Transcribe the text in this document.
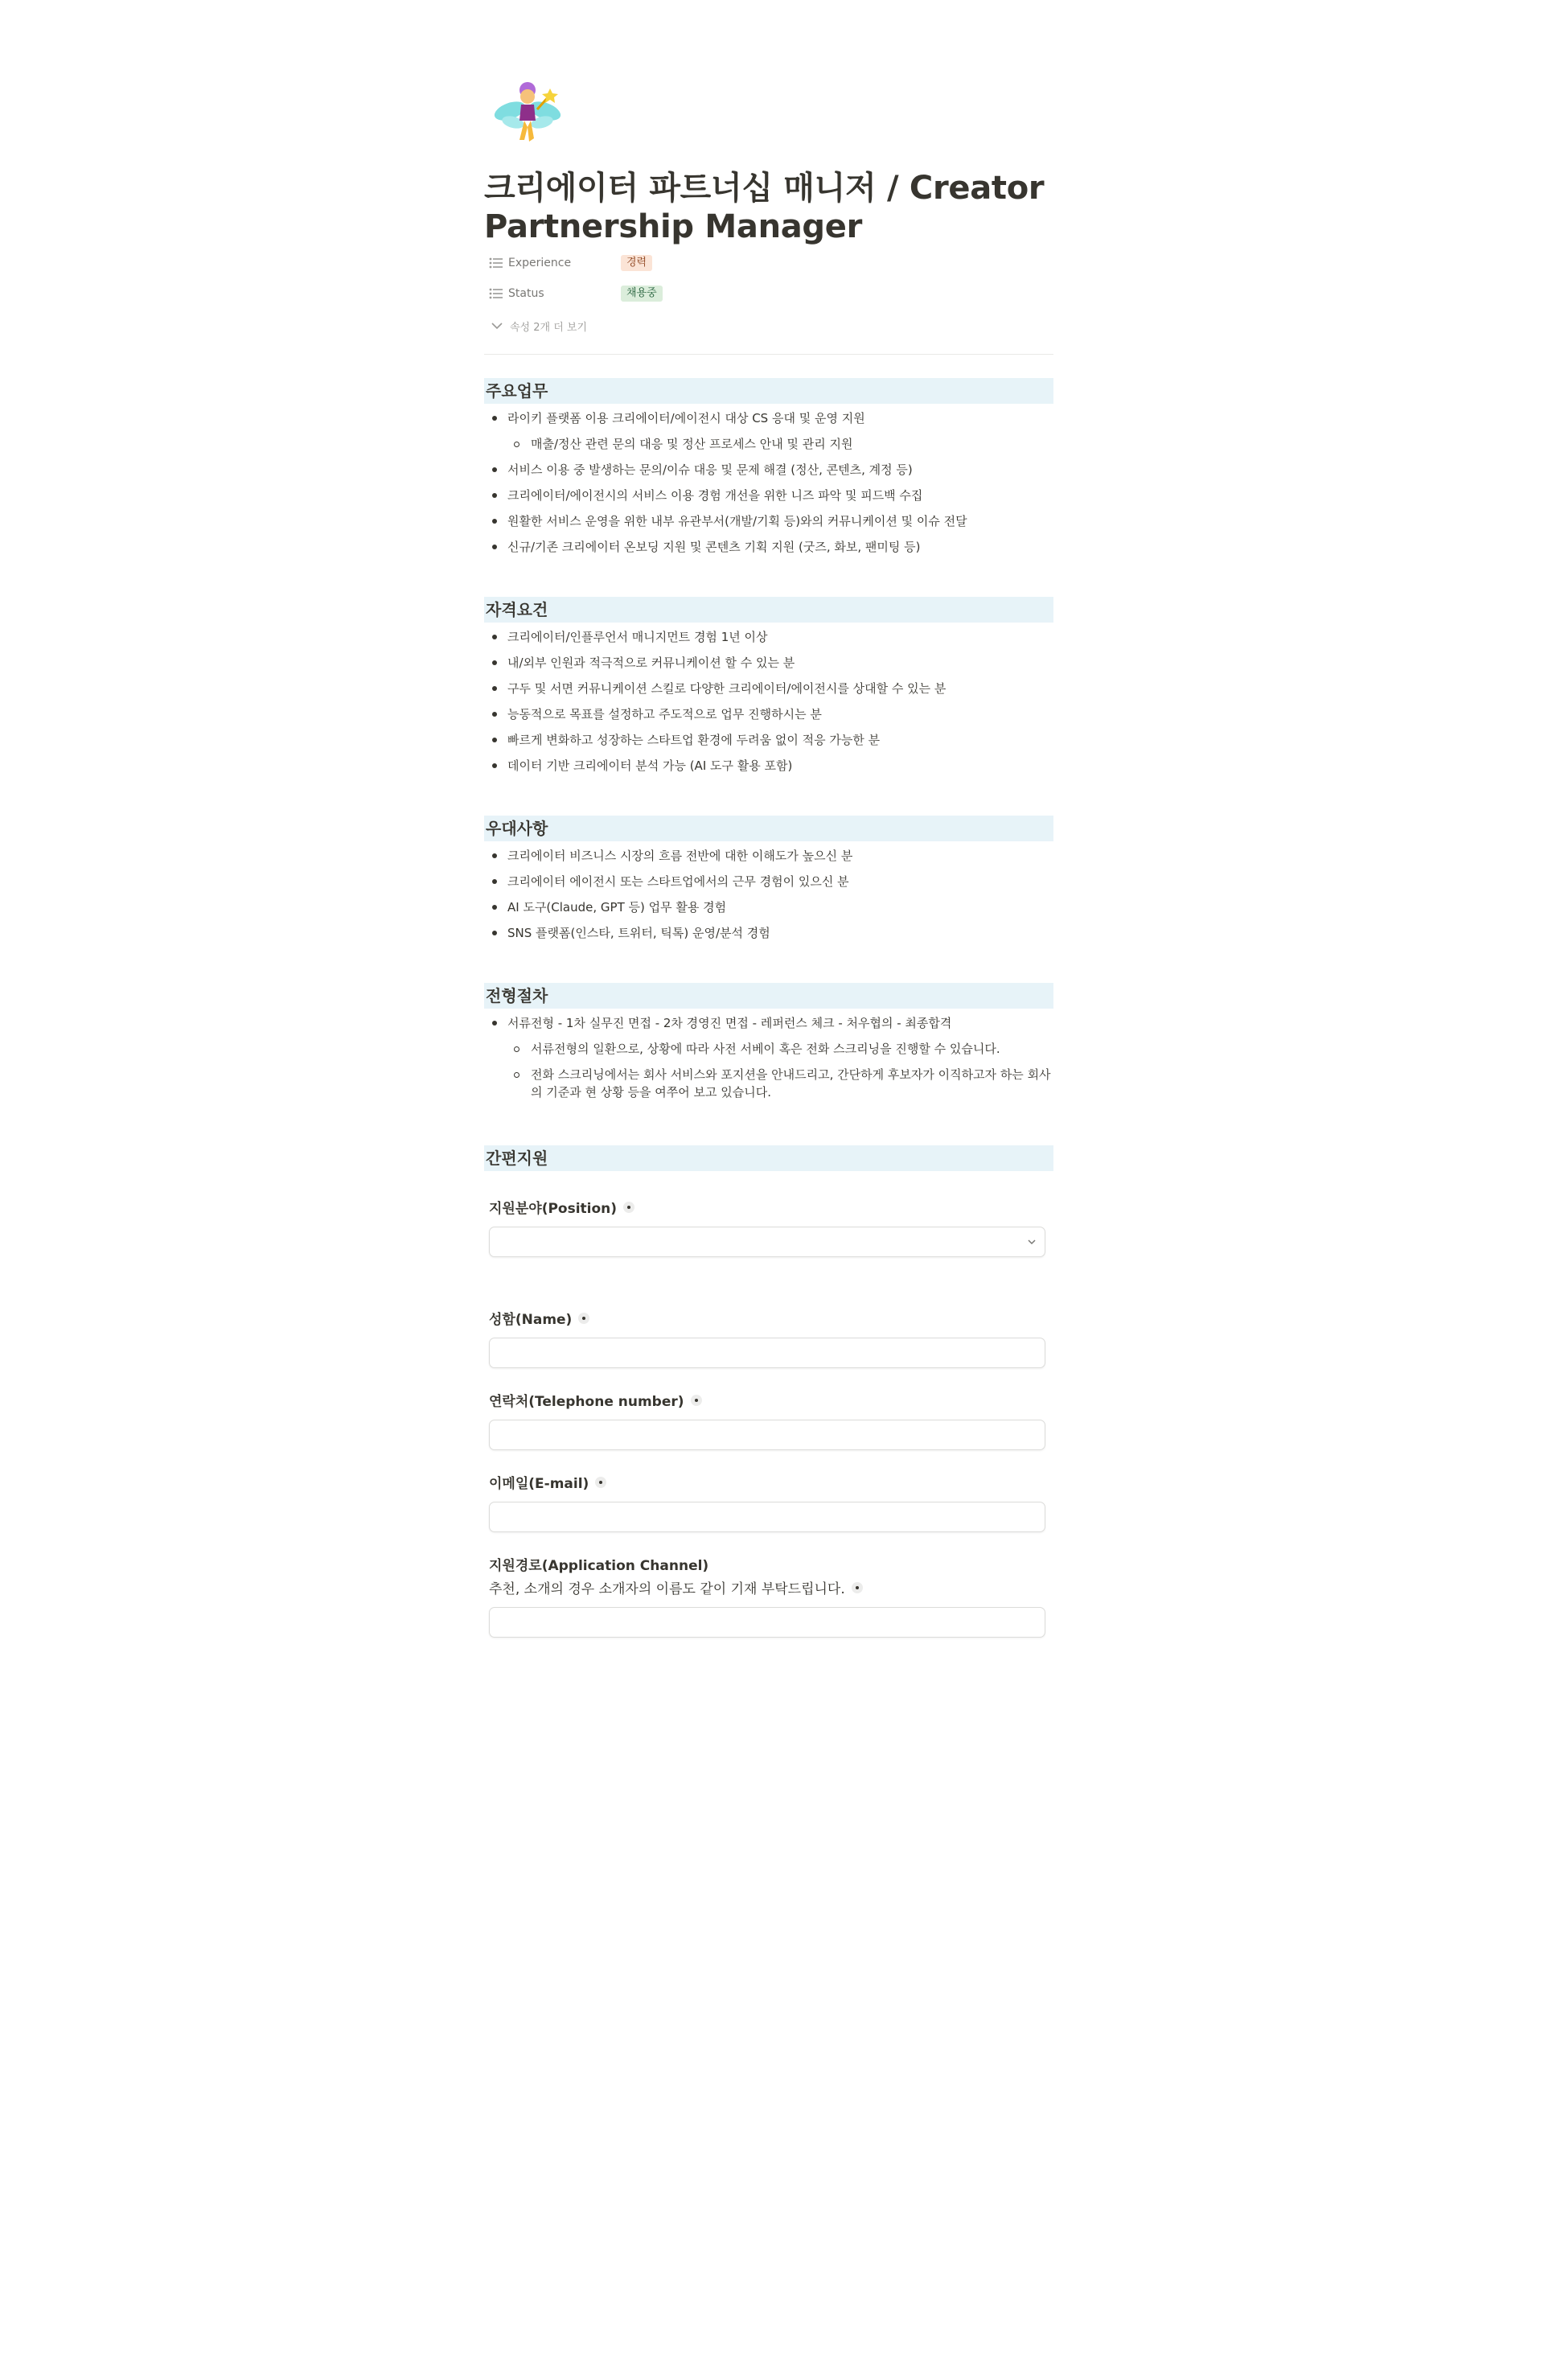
크리에이터 파트너십 매니저 / Creator Partnership Manager
Experience	경력
Status	채용중
속성 2개 더 보기
주요업무
라이키 플랫폼 이용 크리에이터/에이전시 대상 CS 응대 및 운영 지원
매출/정산 관련 문의 대응 및 정산 프로세스 안내 및 관리 지원
서비스 이용 중 발생하는 문의/이슈 대응 및 문제 해결 (정산, 콘텐츠, 계정 등)
크리에이터/에이전시의 서비스 이용 경험 개선을 위한 니즈 파악 및 피드백 수집
원활한 서비스 운영을 위한 내부 유관부서(개발/기획 등)와의 커뮤니케이션 및 이슈 전달
신규/기존 크리에이터 온보딩 지원 및 콘텐츠 기획 지원 (굿즈, 화보, 팬미팅 등)
자격요건
크리에이터/인플루언서 매니지먼트 경험 1년 이상
내/외부 인원과 적극적으로 커뮤니케이션 할 수 있는 분
구두 및 서면 커뮤니케이션 스킬로 다양한 크리에이터/에이전시를 상대할 수 있는 분
능동적으로 목표를 설정하고 주도적으로 업무 진행하시는 분
빠르게 변화하고 성장하는 스타트업 환경에 두려움 없이 적응 가능한 분
데이터 기반 크리에이터 분석 가능 (AI 도구 활용 포함)
우대사항
크리에이터 비즈니스 시장의 흐름 전반에 대한 이해도가 높으신 분
크리에이터 에이전시 또는 스타트업에서의 근무 경험이 있으신 분
AI 도구(Claude, GPT 등) 업무 활용 경험
SNS 플랫폼(인스타, 트위터, 틱톡) 운영/분석 경험
전형절차
서류전형 - 1차 실무진 면접 - 2차 경영진 면접 - 레퍼런스 체크 - 처우협의 - 최종합격
서류전형의 일환으로, 상황에 따라 사전 서베이 혹은 전화 스크리닝을 진행할 수 있습니다.
전화 스크리닝에서는 회사 서비스와 포지션을 안내드리고, 간단하게 후보자가 이직하고자 하는 회사의 기준과 현 상황 등을 여쭈어 보고 있습니다.
간편지원
지원분야(Position)
성함(Name)
연락처(Telephone number)
이메일(E-mail)
지원경로(Application Channel)
추천, 소개의 경우 소개자의 이름도 같이 기재 부탁드립니다.
